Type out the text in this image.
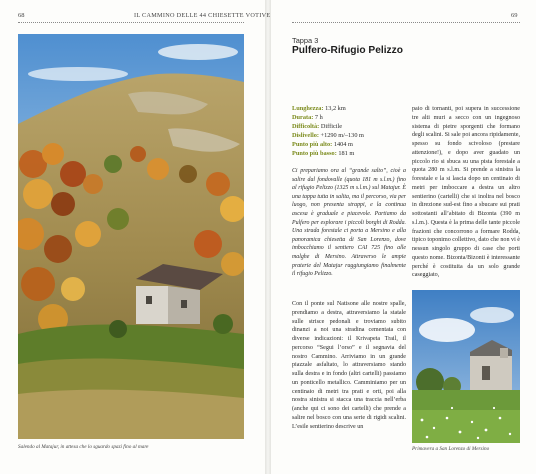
68	IL CAMMINO DELLE 44 CHIESETTE VOTIVE
Salendo al Matajur, in attesa che lo sguardo spazi fino al mare
69
Tappa 3
Pulfero-Rifugio Pelizzo
Lunghezza: 13,2 km
Durata: 7 h
Difficoltà: Difficile
Dislivello: +1290 m/–130 m
Punto più alto: 1404 m
Punto più basso: 181 m
Ci prepariamo ora al “grande salto”, cioè a salire dal fondovalle (quota 181 m s.l.m.) fino al rifugio Pelizzo (1325 m s.l.m.) sul Matajur. È una tappa tutta in salita, ma il percorso, via per luogo, non presenta strappi, e la continua ascesa è graduale e piacevole. Partiamo da Pulfero per esplorare i piccoli borghi di Rodda. Una strada forestale ci porta a Mersino e alla panoramica chiesetta di San Lorenzo, dove imbocchiamo il sentiero CAI 725 fino alle malghe di Mersino. Attraverso le ampie praterie del Matajur raggiungiamo finalmente il rifugio Pelizzo.

Con il ponte sul Natisone alle nostre spalle, prendiamo a destra, attraversiamo la statale sulle strisce pedonali e troviamo subito dinanzi a noi una stradina cementata con diverse indicazioni: il Krivapeta Trail, il percorso “Segui l’orso” e il segnavia del nostro Cammino. Arriviamo in un grande piazzale asfaltato, lo attraversiamo stando sulla destra e in fondo (altri cartelli) passiamo un ponticello metallico. Camminiamo per un centinaio di metri tra prati e orti, poi alla nostra sinistra si stacca una traccia nell’erba (anche qui ci sono dei cartelli) che prende a salire nel bosco con una serie di rigidi scalini. L’esile sentierino descrive un

paio di tornanti, poi supera in successione tre alti muri a secco con un ingegnoso sistema di pietre sporgenti che formano degli scalini. Si sale poi ancora ripidamente, spesso su fondo scivoloso (prestare attenzione!), e dopo aver guadato un piccolo rio si sbuca su una pista forestale a quota 280 m s.l.m. Si prende a sinistra la forestale e la si lascia dopo un centinaio di metri per imboccare a destra un altro sentierino (cartelli) che si inoltra nel bosco in direzione sud-est fino a sbucare sui prati sottostanti all’abitato di Bizonta (390 m s.l.m.). Questa è la prima delle tante piccole frazioni che concorrono a formare Rodda, tipico toponimo collettivo, dato che non vi è nessun singolo gruppo di case che porti questo nome. Bizonta/Bizonti è interessante perché è costituita da un solo grande caseggiato,

Primavera a San Lorenzo di Mersino
